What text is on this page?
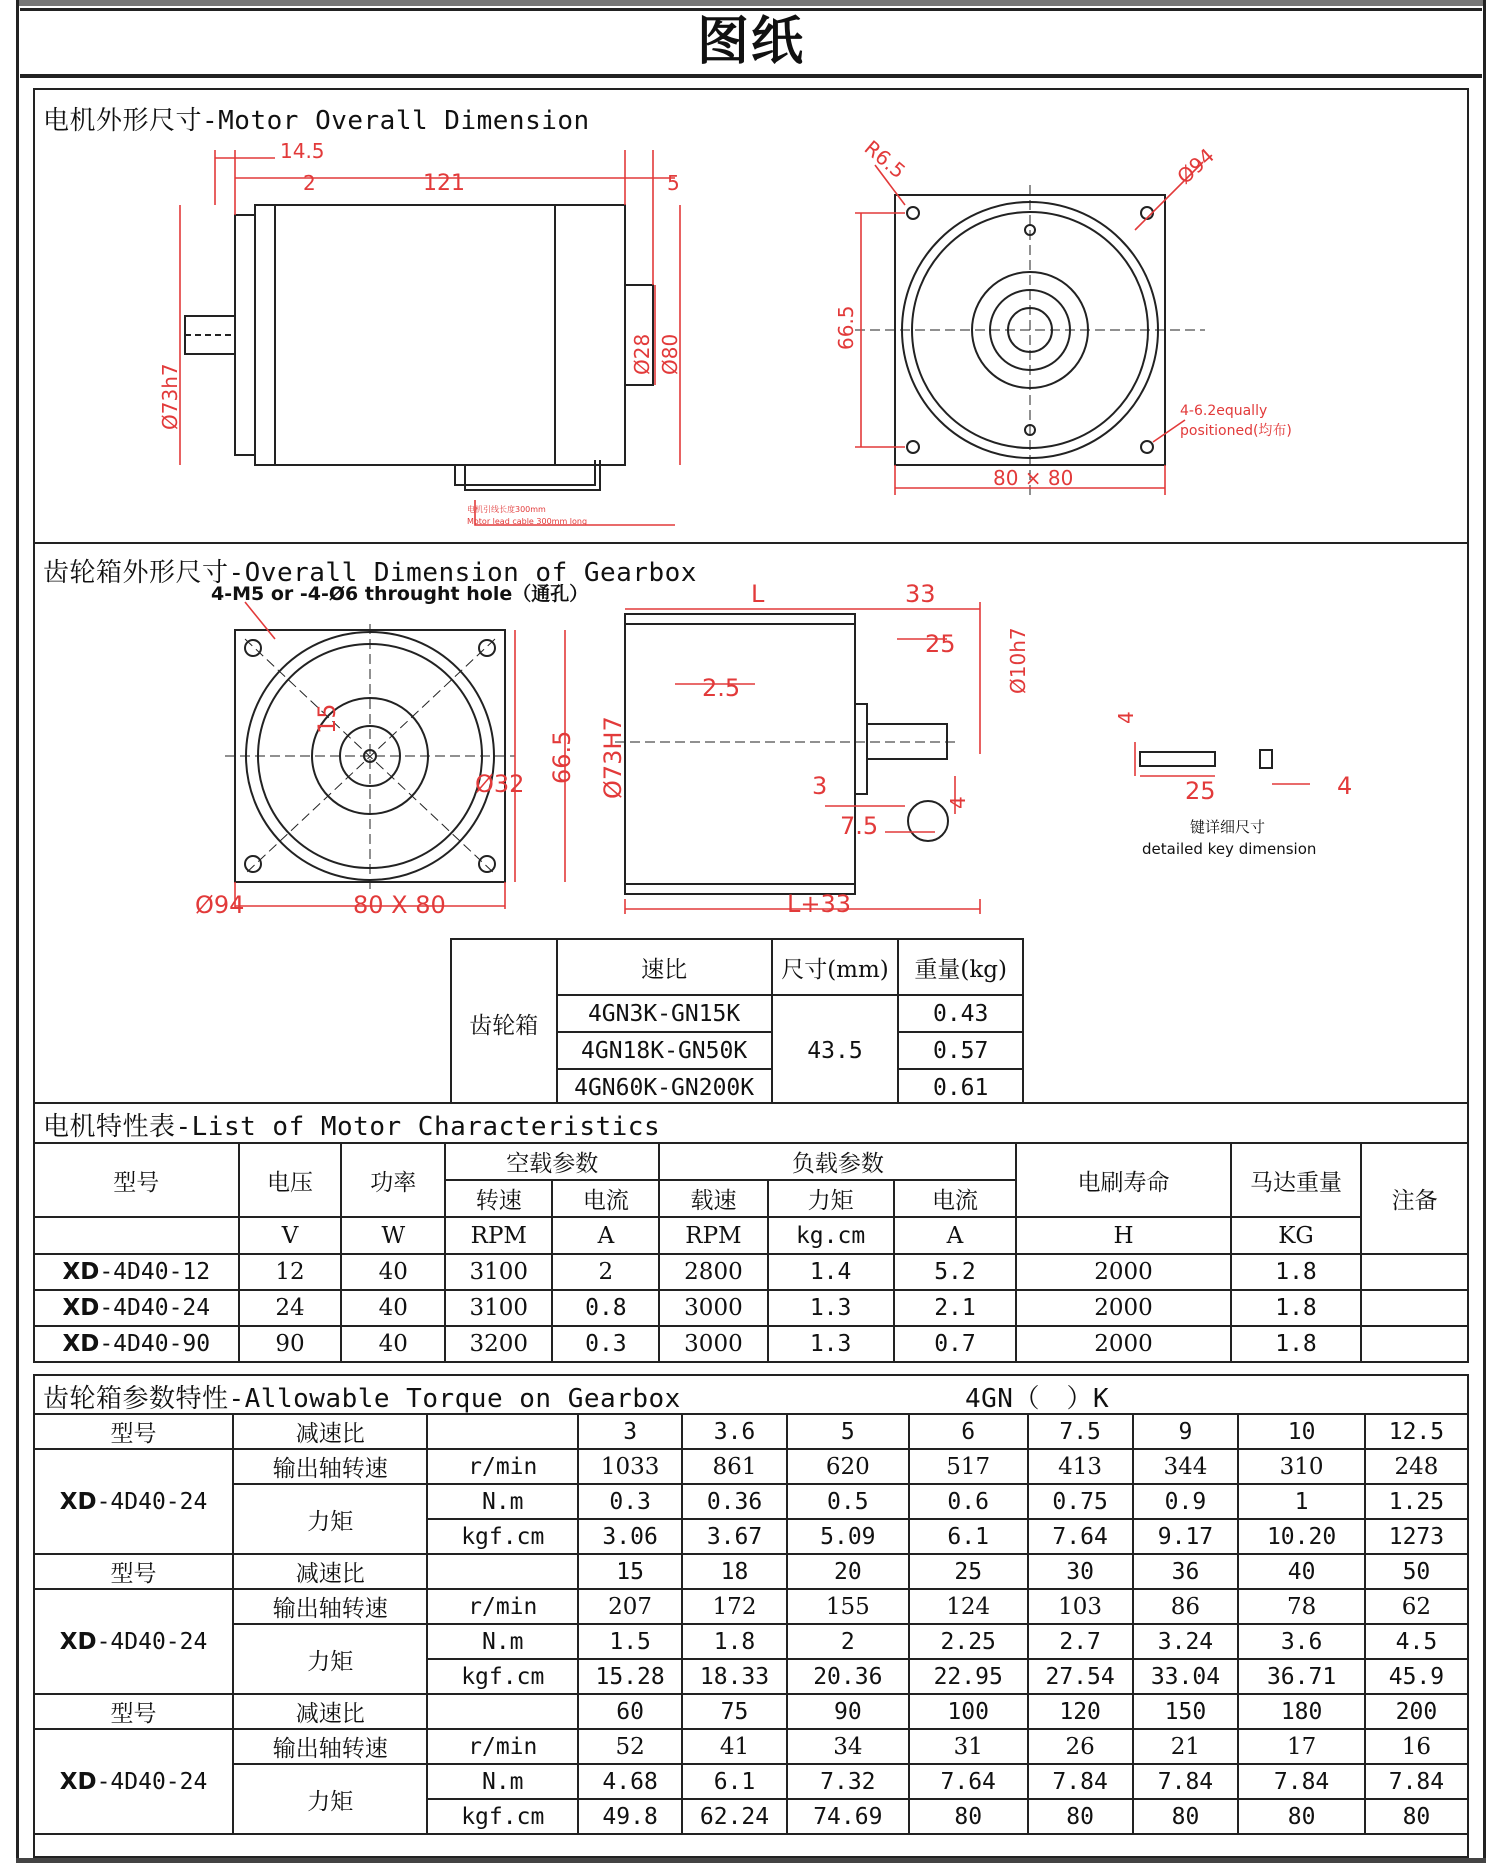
图纸
电机外形尺寸-Motor Overall Dimension
14.5
2	121	5
Ø73h7
Ø28 Ø80
电机引线长度300mm
Motor lead cable 300mm long
R6.5	Ø94
66.5
80 × 80
4-6.2equally
positioned(均布)
齿轮箱外形尺寸-Overall Dimension of Gearbox
4-M5 or -4-Ø6 throught hole（通孔）
15
Ø32 66.5
Ø94	80 X 80
L	33
25	Ø10h7
2.5
Ø73H7
4
3
7.5
L+33
4
25	4
键详细尺寸
detailed key dimension
齿轮箱	速比	尺寸(mm)	重量(kg)
	4GN3K-GN15K	43.5	0.43
	4GN18K-GN50K		0.57
	4GN60K-GN200K		0.61
电机特性表-List of Motor Characteristics
型号	电压	功率	空载参数		负载参数			电刷寿命	马达重量	注备
			转速	电流	载速	力矩	电流			
	V	W	RPM	A	RPM	kg.cm	A	H	KG	
XD-4D40-12	12	40	3100	2	2800	1.4	5.2	2000	1.8	
XD-4D40-24	24	40	3100	0.8	3000	1.3	2.1	2000	1.8	
XD-4D40-90	90	40	3200	0.3	3000	1.3	0.7	2000	1.8	
齿轮箱参数特性-Allowable Torque on Gearbox	4GN（　）K
型号	减速比		3	3.6	5	6	7.5	9	10	12.5
XD-4D40-24	输出轴转速	r/min	1033	861	620	517	413	344	310	248
	力矩	N.m	0.3	0.36	0.5	0.6	0.75	0.9	1	1.25
		kgf.cm	3.06	3.67	5.09	6.1	7.64	9.17	10.20	1273
型号	减速比		15	18	20	25	30	36	40	50
XD-4D40-24	输出轴转速	r/min	207	172	155	124	103	86	78	62
	力矩	N.m	1.5	1.8	2	2.25	2.7	3.24	3.6	4.5
		kgf.cm	15.28	18.33	20.36	22.95	27.54	33.04	36.71	45.9
型号	减速比		60	75	90	100	120	150	180	200
XD-4D40-24	输出轴转速	r/min	52	41	34	31	26	21	17	16
	力矩	N.m	4.68	6.1	7.32	7.64	7.84	7.84	7.84	7.84
		kgf.cm	49.8	62.24	74.69	80	80	80	80	80
